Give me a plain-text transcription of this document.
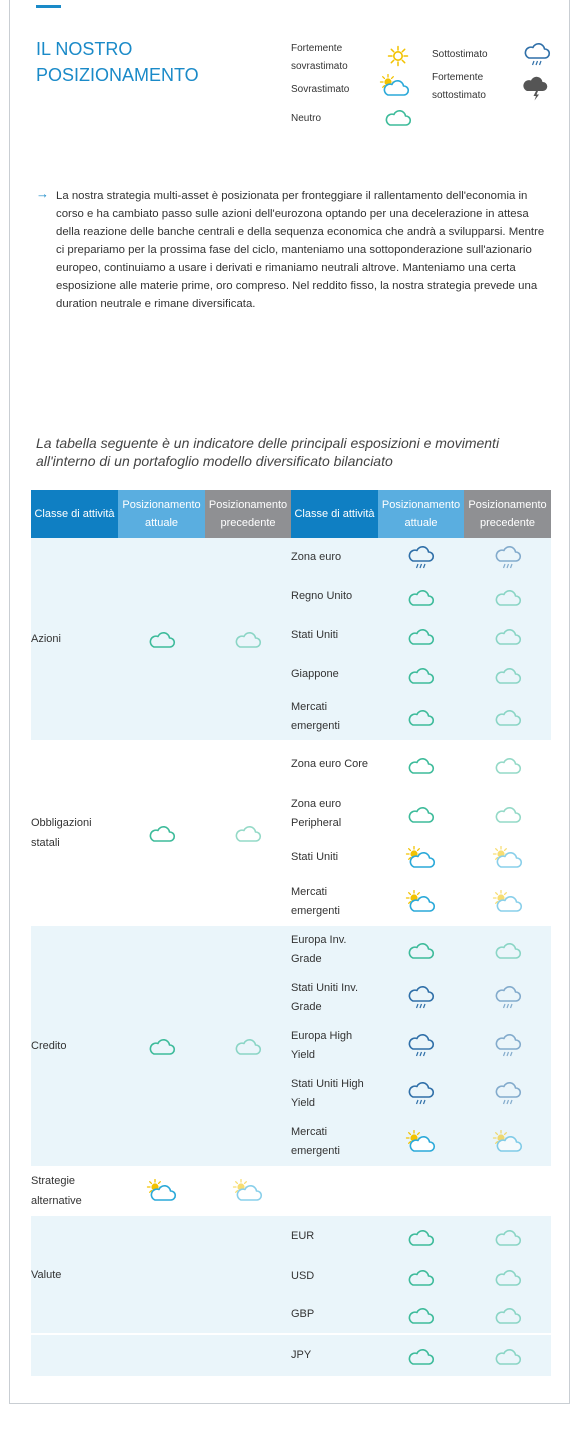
IL NOSTRO POSIZIONAMENTO
Fortemente sovrastimato
Sovrastimato
Neutro
Sottostimato
Fortemente sottostimato
→ La nostra strategia multi-asset è posizionata per fronteggiare il rallentamento dell'economia in corso e ha cambiato passo sulle azioni dell'eurozona optando per una decelerazione in attesa della reazione delle banche centrali e della sequenza economica che andrà a svilupparsi. Mentre ci prepariamo per la prossima fase del ciclo, manteniamo una sottoponderazione sull'azionario europeo, continuiamo a usare i derivati e rimaniamo neutrali altrove. Manteniamo una certa esposizione alle materie prime, oro compreso. Nel reddito fisso, la nostra strategia prevede una duration neutrale e rimane diversificata.

La tabella seguente è un indicatore delle principali esposizioni e movimenti all'interno di un portafoglio modello diversificato bilanciato

Classe di attività	Posizionamento attuale	Posizionamento precedente	Classe di attività	Posizionamento attuale	Posizionamento precedente
Azioni			Zona euro		
			Regno Unito		
			Stati Uniti		
			Giappone		
			Mercati emergenti		
Obbligazioni statali			Zona euro Core		
			Zona euro Peripheral		
			Stati Uniti		
			Mercati emergenti		
Credito			Europa Inv. Grade		
			Stati Uniti Inv. Grade		
			Europa High Yield		
			Stati Uniti High Yield		
			Mercati emergenti		
Strategie alternative					
Valute			EUR		
			USD		
			GBP		
			JPY		
